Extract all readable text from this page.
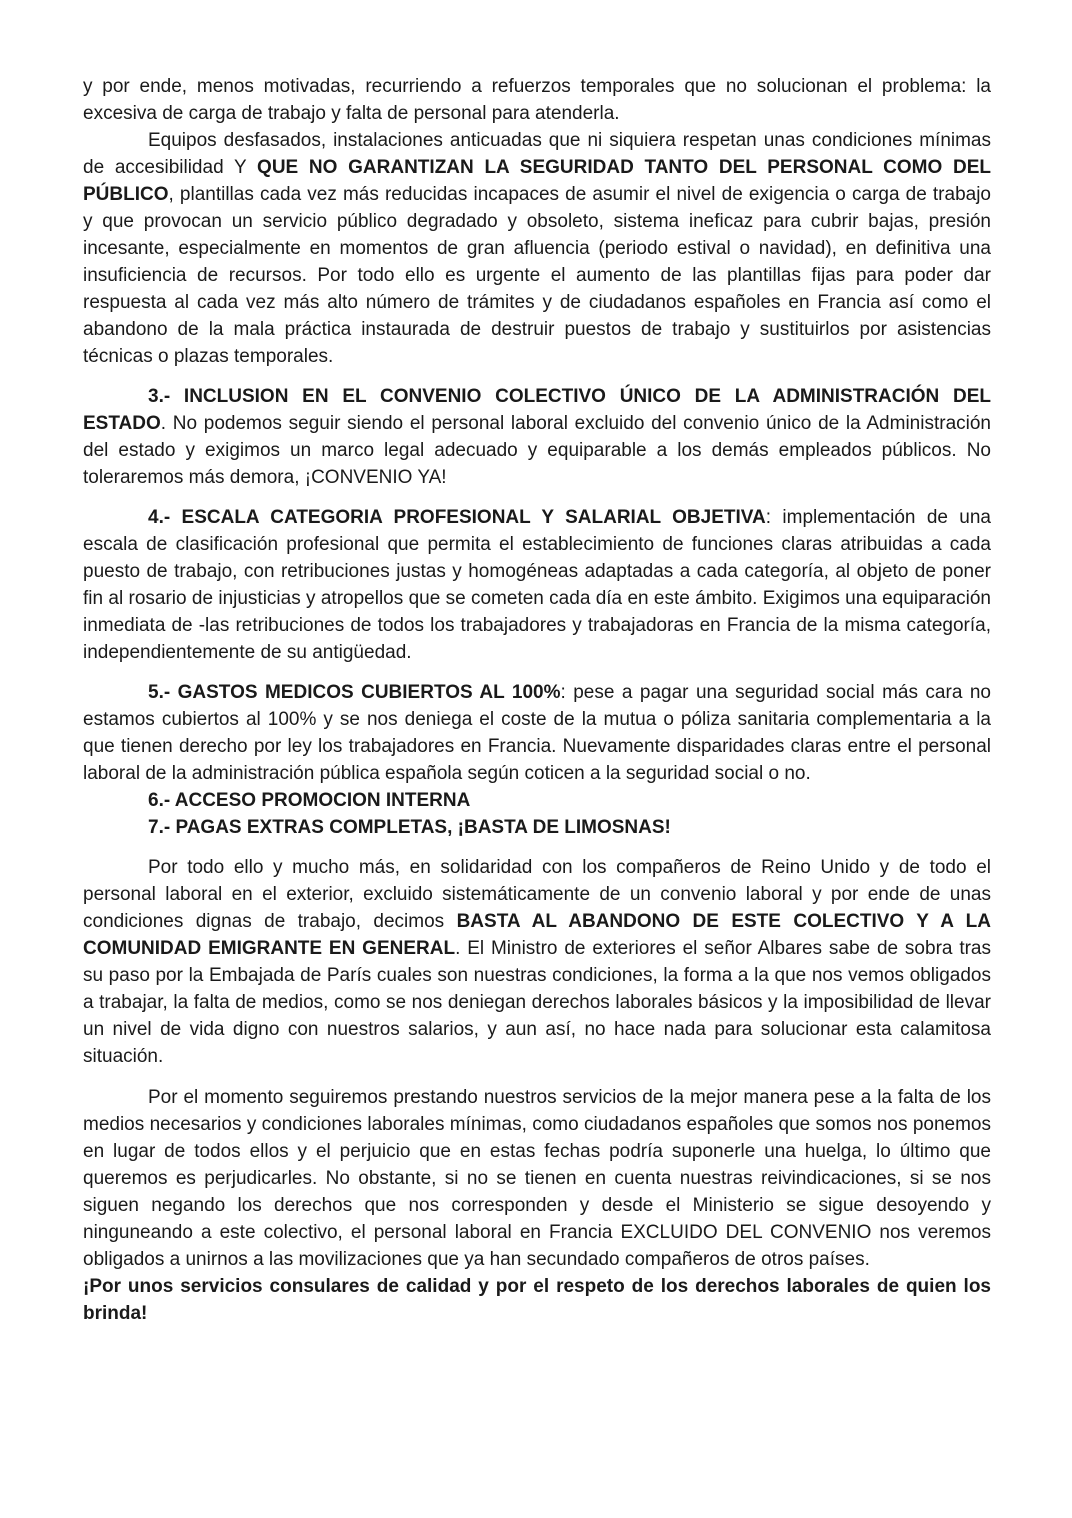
y por ende, menos motivadas, recurriendo a refuerzos temporales que no solucionan el problema: la excesiva de carga de trabajo y falta de personal para atenderla.

Equipos desfasados, instalaciones anticuadas que ni siquiera respetan unas condiciones mínimas de accesibilidad Y QUE NO GARANTIZAN LA SEGURIDAD TANTO DEL PERSONAL COMO DEL PÚBLICO, plantillas cada vez más reducidas incapaces de asumir el nivel de exigencia o carga de trabajo y que provocan un servicio público degradado y obsoleto, sistema ineficaz para cubrir bajas, presión incesante, especialmente en momentos de gran afluencia (periodo estival o navidad), en definitiva una insuficiencia de recursos. Por todo ello es urgente el aumento de las plantillas fijas para poder dar respuesta al cada vez más alto número de trámites y de ciudadanos españoles en Francia así como el abandono de la mala práctica instaurada de destruir puestos de trabajo y sustituirlos por asistencias técnicas o plazas temporales.

3.- INCLUSION EN EL CONVENIO COLECTIVO ÚNICO DE LA ADMINISTRACIÓN DEL ESTADO. No podemos seguir siendo el personal laboral excluido del convenio único de la Administración del estado y exigimos un marco legal adecuado y equiparable a los demás empleados públicos. No toleraremos más demora, ¡CONVENIO YA!

4.- ESCALA CATEGORIA PROFESIONAL Y SALARIAL OBJETIVA: implementación de una escala de clasificación profesional que permita el establecimiento de funciones claras atribuidas a cada puesto de trabajo, con retribuciones justas y homogéneas adaptadas a cada categoría, al objeto de poner fin al rosario de injusticias y atropellos que se cometen cada día en este ámbito. Exigimos una equiparación inmediata de -las retribuciones de todos los trabajadores y trabajadoras en Francia de la misma categoría, independientemente de su antigüedad.

5.- GASTOS MEDICOS CUBIERTOS AL 100%: pese a pagar una seguridad social más cara no estamos cubiertos al 100% y se nos deniega el coste de la mutua o póliza sanitaria complementaria a la que tienen derecho por ley los trabajadores en Francia. Nuevamente disparidades claras entre el personal laboral de la administración pública española según coticen a la seguridad social o no.

6.- ACCESO PROMOCION INTERNA

7.- PAGAS EXTRAS COMPLETAS, ¡BASTA DE LIMOSNAS!

Por todo ello y mucho más, en solidaridad con los compañeros de Reino Unido y de todo el personal laboral en el exterior, excluido sistemáticamente de un convenio laboral y por ende de unas condiciones dignas de trabajo, decimos BASTA AL ABANDONO DE ESTE COLECTIVO Y A LA COMUNIDAD EMIGRANTE EN GENERAL. El Ministro de exteriores el señor Albares sabe de sobra tras su paso por la Embajada de París cuales son nuestras condiciones, la forma a la que nos vemos obligados a trabajar, la falta de medios, como se nos deniegan derechos laborales básicos y la imposibilidad de llevar un nivel de vida digno con nuestros salarios, y aun así, no hace nada para solucionar esta calamitosa situación.

Por el momento seguiremos prestando nuestros servicios de la mejor manera pese a la falta de los medios necesarios y condiciones laborales mínimas, como ciudadanos españoles que somos nos ponemos en lugar de todos ellos y el perjuicio que en estas fechas podría suponerle una huelga, lo último que queremos es perjudicarles. No obstante, si no se tienen en cuenta nuestras reivindicaciones, si se nos siguen negando los derechos que nos corresponden y desde el Ministerio se sigue desoyendo y ninguneando a este colectivo, el personal laboral en Francia EXCLUIDO DEL CONVENIO nos veremos obligados a unirnos a las movilizaciones que ya han secundado compañeros de otros países.

¡Por unos servicios consulares de calidad y por el respeto de los derechos laborales de quien los brinda!
